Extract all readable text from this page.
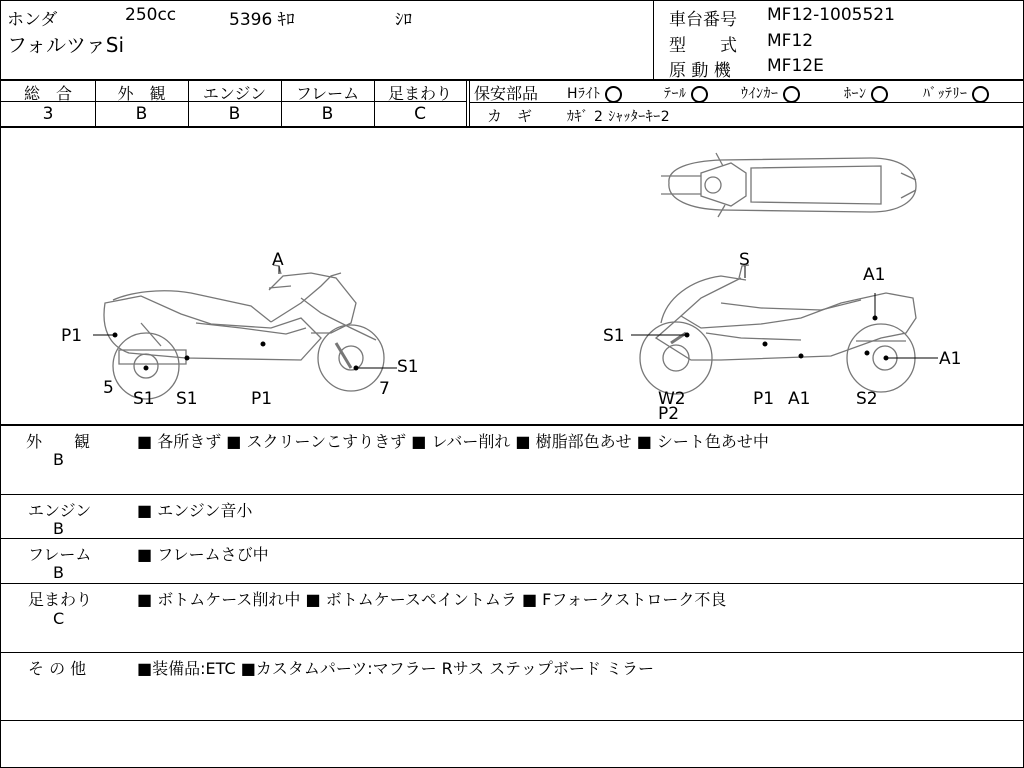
ホンダ	250cc	5396 ｷﾛ	ｼﾛ
フォルツァSi
車台番号 MF12-1005521
型　　式 MF12
原 動 機 MF12E
総　合	外　観	エンジン	フレーム	足まわり
3	B	B	B	C
保安部品 Hﾗｲﾄ	ﾃｰﾙ	ｳｲﾝｶｰ	ﾎｰﾝ	ﾊﾞｯﾃﾘｰ
カ　ギ ｶｷﾞ 2 ｼｬｯﾀｰｷｰ2
A
P1
5
S1 S1	P1
S1
7
S
A1
S1
A1
W2
P2
P1 A1	S2
外　　観
B
■ 各所きず ■ スクリーンこすりきず ■ レバー削れ ■ 樹脂部色あせ ■ シート色あせ中
エンジン
B
■ エンジン音小
フレーム
B
■ フレームさび中
足まわり
C
■ ボトムケース削れ中 ■ ボトムケースペイントムラ ■ Fフォークストローク不良
そ の 他	■装備品:ETC ■カスタムパーツ:マフラー Rサス ステップボード ミラー
